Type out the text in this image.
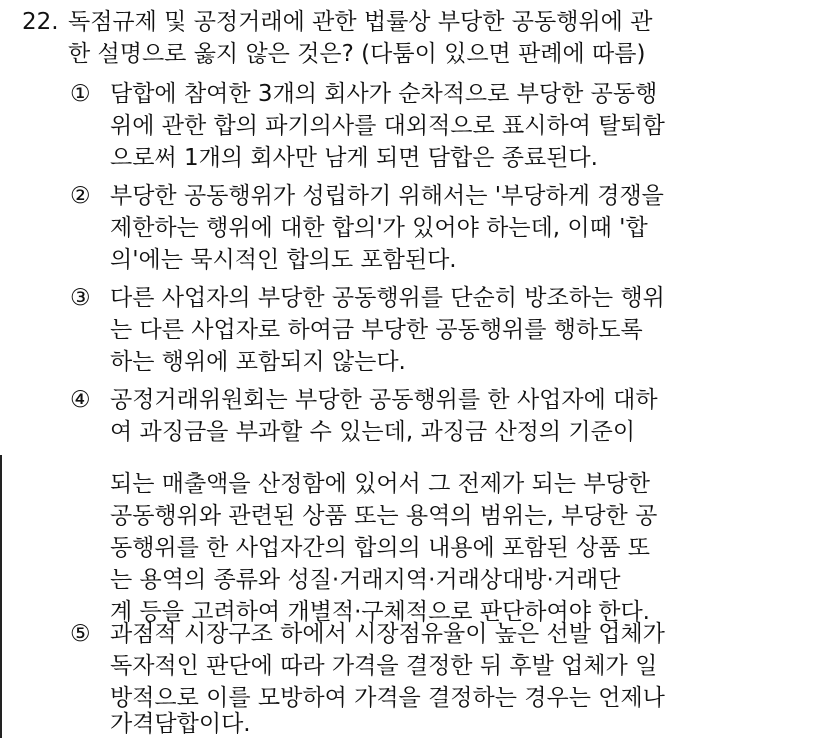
22. 독점규제 및 공정거래에 관한 법률상 부당한 공동행위에 관
한 설명으로 옳지 않은 것은? (다툼이 있으면 판례에 따름)
① 담합에 참여한 3개의 회사가 순차적으로 부당한 공동행
위에 관한 합의 파기의사를 대외적으로 표시하여 탈퇴함
으로써 1개의 회사만 남게 되면 담합은 종료된다.
② 부당한 공동행위가 성립하기 위해서는 '부당하게 경쟁을
제한하는 행위에 대한 합의'가 있어야 하는데, 이때 '합
의'에는 묵시적인 합의도 포함된다.
③ 다른 사업자의 부당한 공동행위를 단순히 방조하는 행위
는 다른 사업자로 하여금 부당한 공동행위를 행하도록
하는 행위에 포함되지 않는다.
④ 공정거래위원회는 부당한 공동행위를 한 사업자에 대하
여 과징금을 부과할 수 있는데, 과징금 산정의 기준이
되는 매출액을 산정함에 있어서 그 전제가 되는 부당한
공동행위와 관련된 상품 또는 용역의 범위는, 부당한 공
동행위를 한 사업자간의 합의의 내용에 포함된 상품 또
는 용역의 종류와 성질·거래지역·거래상대방·거래단
계 등을 고려하여 개별적·구체적으로 판단하여야 한다.
⑤ 과점적 시장구조 하에서 시장점유율이 높은 선발 업체가
독자적인 판단에 따라 가격을 결정한 뒤 후발 업체가 일
방적으로 이를 모방하여 가격을 결정하는 경우는 언제나
가격담합이다.
